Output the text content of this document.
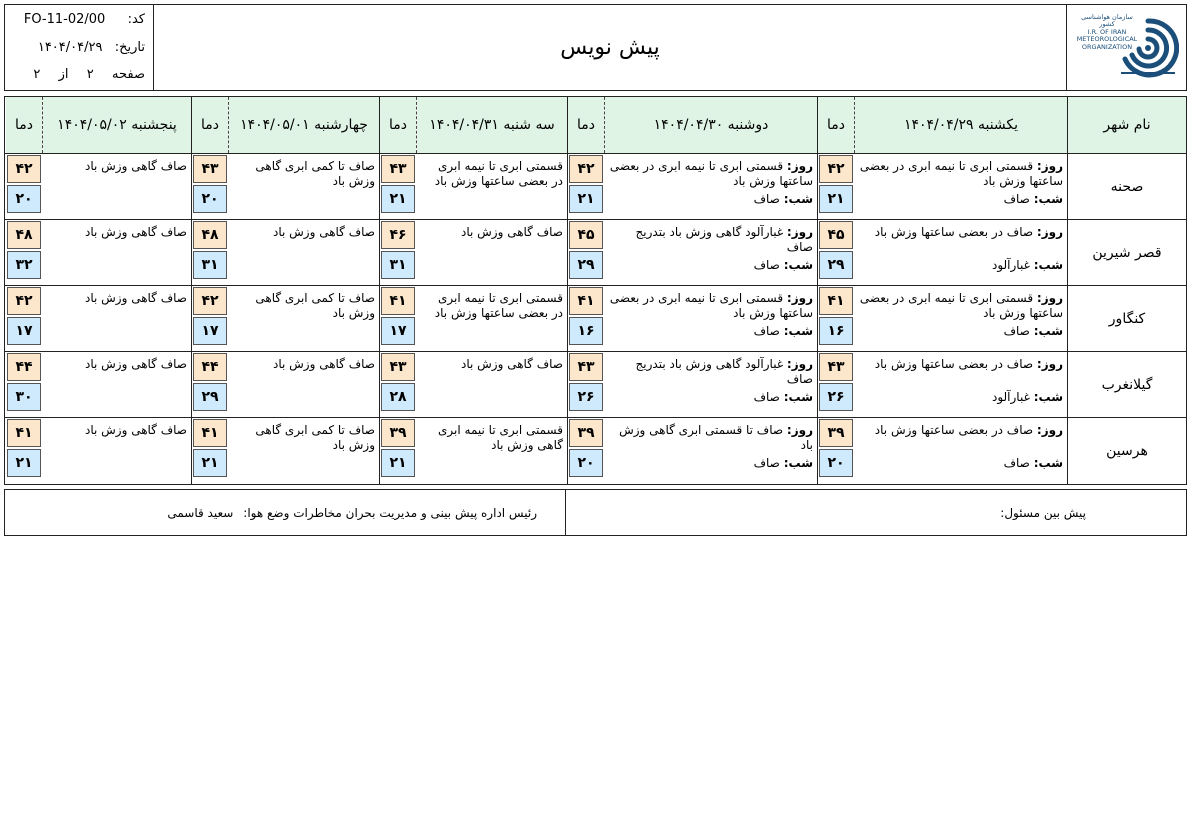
کد:  FO-11-02/00
تاریخ:  ۱۴۰۴/۰۴/۲۹
صفحه  ۲  از  ۲
پیش نویس
سازمان هواشناسی کشور
I.R. OF IRAN
METEOROLOGICAL
ORGANIZATION
نام شهر
یکشنبه ۱۴۰۴/۰۴/۲۹
دما
دوشنبه ۱۴۰۴/۰۴/۳۰
دما
سه شنبه ۱۴۰۴/۰۴/۳۱
دما
چهارشنبه ۱۴۰۴/۰۵/۰۱
دما
پنجشنبه ۱۴۰۴/۰۵/۰۲
دما
صحنه
۴۲
۲۱
روز: قسمتی ابری تا نیمه ابری در بعضی ساعتها وزش باد
شب: صاف
۴۲
۲۱
روز: قسمتی ابری تا نیمه ابری در بعضی ساعتها وزش باد
شب: صاف
۴۳
۲۱
قسمتی ابری تا نیمه ابری در بعضی ساعتها وزش باد
۴۳
۲۰
صاف تا کمی ابری گاهی وزش باد
۴۲
۲۰
صاف گاهی وزش باد
قصر شیرین
۴۵
۲۹
روز: صاف در بعضی ساعتها وزش باد
شب: غبارآلود
۴۵
۲۹
روز: غبارآلود گاهی وزش باد بتدریج صاف
شب: صاف
۴۶
۳۱
صاف گاهی وزش باد
۴۸
۳۱
صاف گاهی وزش باد
۴۸
۳۲
صاف گاهی وزش باد
کنگاور
۴۱
۱۶
روز: قسمتی ابری تا نیمه ابری در بعضی ساعتها وزش باد
شب: صاف
۴۱
۱۶
روز: قسمتی ابری تا نیمه ابری در بعضی ساعتها وزش باد
شب: صاف
۴۱
۱۷
قسمتی ابری تا نیمه ابری در بعضی ساعتها وزش باد
۴۲
۱۷
صاف تا کمی ابری گاهی وزش باد
۴۲
۱۷
صاف گاهی وزش باد
گیلانغرب
۴۳
۲۶
روز: صاف در بعضی ساعتها وزش باد
شب: غبارآلود
۴۳
۲۶
روز: غبارآلود گاهی وزش باد بتدریج صاف
شب: صاف
۴۳
۲۸
صاف گاهی وزش باد
۴۴
۲۹
صاف گاهی وزش باد
۴۴
۳۰
صاف گاهی وزش باد
هرسین
۳۹
۲۰
روز: صاف در بعضی ساعتها وزش باد
شب: صاف
۳۹
۲۰
روز: صاف تا قسمتی ابری گاهی وزش باد
شب: صاف
۳۹
۲۱
قسمتی ابری تا نیمه ابری گاهی وزش باد
۴۱
۲۱
صاف تا کمی ابری گاهی وزش باد
۴۱
۲۱
صاف گاهی وزش باد
پیش بین مسئول:
رئیس اداره پیش بینی و مدیریت بحران مخاطرات وضع هوا:
سعید قاسمی
